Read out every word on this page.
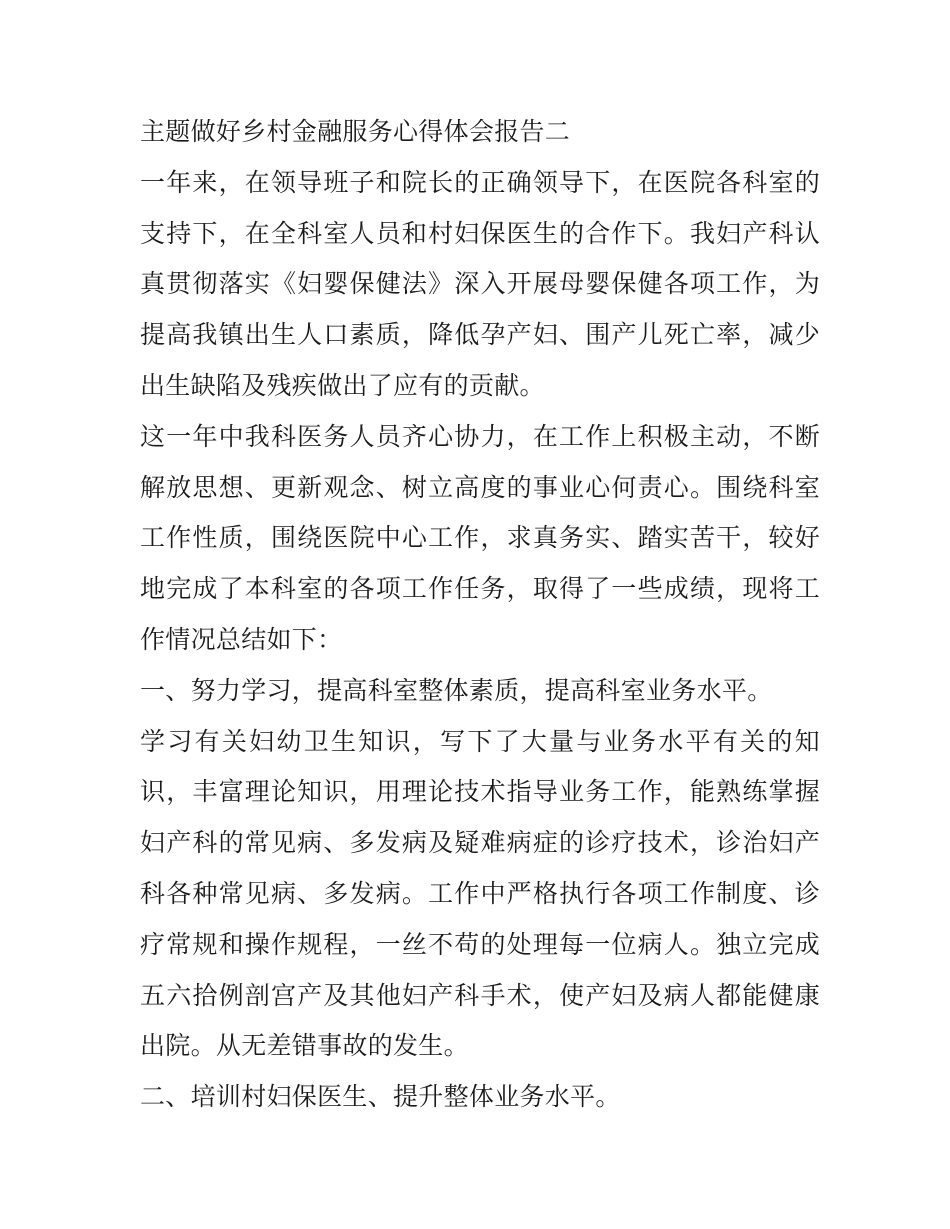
主题做好乡村金融服务心得体会报告二

一年来，在领导班子和院长的正确领导下，在医院各科室的支持下，在全科室人员和村妇保医生的合作下。我妇产科认真贯彻落实《妇婴保健法》深入开展母婴保健各项工作，为提高我镇出生人口素质，降低孕产妇、围产儿死亡率，减少出生缺陷及残疾做出了应有的贡献。

这一年中我科医务人员齐心协力，在工作上积极主动，不断解放思想、更新观念、树立高度的事业心何责心。围绕科室工作性质，围绕医院中心工作，求真务实、踏实苦干，较好地完成了本科室的各项工作任务，取得了一些成绩，现将工作情况总结如下：

一、努力学习，提高科室整体素质，提高科室业务水平。

学习有关妇幼卫生知识，写下了大量与业务水平有关的知识，丰富理论知识，用理论技术指导业务工作，能熟练掌握妇产科的常见病、多发病及疑难病症的诊疗技术，诊治妇产科各种常见病、多发病。工作中严格执行各项工作制度、诊疗常规和操作规程，一丝不苟的处理每一位病人。独立完成五六拾例剖宫产及其他妇产科手术，使产妇及病人都能健康出院。从无差错事故的发生。

二、培训村妇保医生、提升整体业务水平。
